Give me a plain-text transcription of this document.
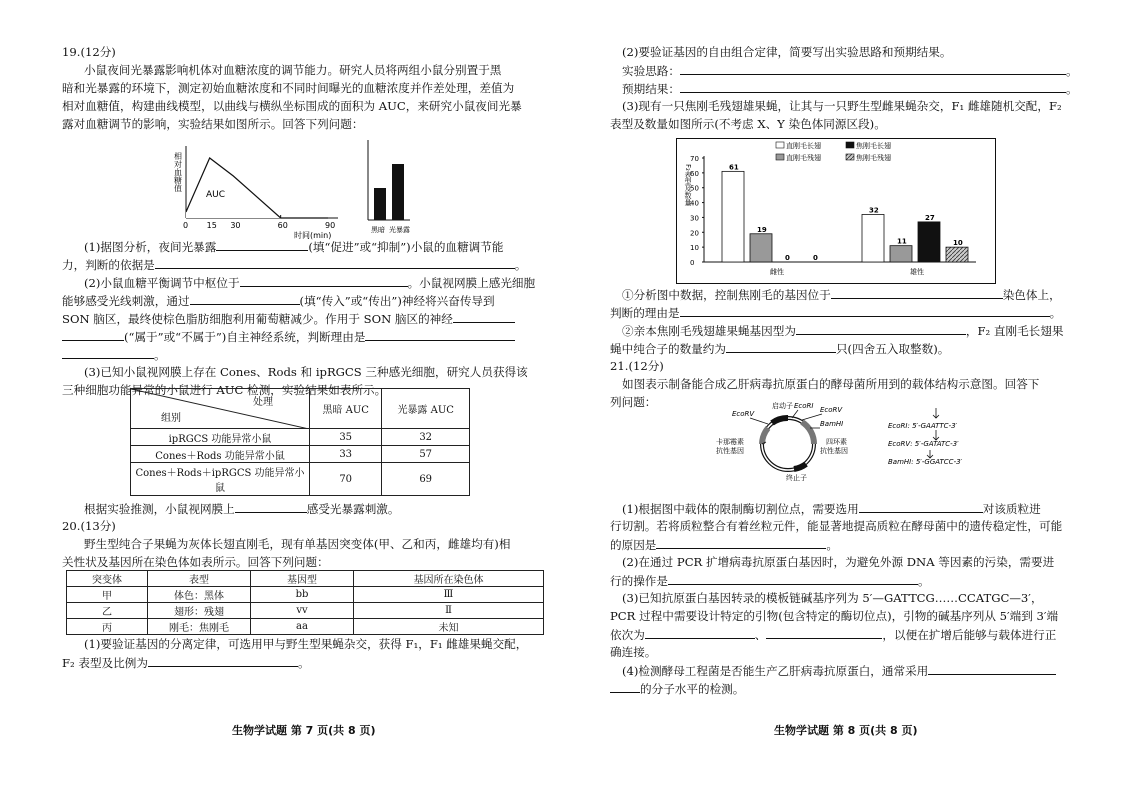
19.(12分)
小鼠夜间光暴露影响机体对血糖浓度的调节能力。研究人员将两组小鼠分别置于黑
暗和光暴露的环境下，测定初始血糖浓度和不同时间曝光的血糖浓度并作差处理，差值为
相对血糖值，构建曲线模型，以曲线与横纵坐标围成的面积为 AUC，来研究小鼠夜间光暴
露对血糖调节的影响，实验结果如图所示。回答下列问题：
AUC
相对血糖值
0 15 30	60	90
时间(min)
黑暗 光暴露
(1)据图分析，夜间光暴露	(填“促进”或“抑制”)小鼠的血糖调节能
力，判断的依据是	。
(2)小鼠血糖平衡调节中枢位于	。小鼠视网膜上感光细胞
能够感受光线刺激，通过	(填“传入”或“传出”)神经将兴奋传导到
SON 脑区，最终使棕色脂肪细胞利用葡萄糖减少。作用于 SON 脑区的神经
(“属于”或“不属于”)自主神经系统，判断理由是
。
(3)已知小鼠视网膜上存在 Cones、Rods 和 ipRGCS 三种感光细胞，研究人员获得该
三种细胞功能异常的小鼠进行 AUC 检测，实验结果如表所示。
处理
组别	黑暗 AUC	光暴露 AUC
ipRGCS 功能异常小鼠	35	32
Cones＋Rods 功能异常小鼠	33	57
Cones＋Rods＋ipRGCS 功能异常小鼠	70	69
根据实验推测，小鼠视网膜上	感受光暴露刺激。
20.(13分)
野生型纯合子果蝇为灰体长翅直刚毛，现有单基因突变体(甲、乙和丙，雌雄均有)相
关性状及基因所在染色体如表所示。回答下列问题：
突变体	表型	基因型	基因所在染色体
甲	体色：黑体	bb	Ⅲ
乙	翅形：残翅	vv	Ⅱ
丙	刚毛：焦刚毛	aa	未知
(1)要验证基因的分离定律，可选用甲与野生型果蝇杂交，获得 F₁，F₁ 雌雄果蝇交配，
F₂ 表型及比例为	。
生物学试题 第 7 页(共 8 页)
(2)要验证基因的自由组合定律，简要写出实验思路和预期结果。
实验思路：	。
预期结果：	。
(3)现有一只焦刚毛残翅雄果蝇，让其与一只野生型雌果蝇杂交，F₁ 雌雄随机交配，F₂
表型及数量如图所示(不考虑 X、Y 染色体同源区段)。
F₂表型及数量
0
10
20
30
40
50
60
70
61
19
0	0
32
11
27
10
雌性	雄性
直刚毛长翅
直刚毛残翅
焦刚毛长翅
焦刚毛残翅
①分析图中数据，控制焦刚毛的基因位于	染色体上，
判断的理由是	。
②亲本焦刚毛残翅雄果蝇基因型为	，F₂ 直刚毛长翅果
蝇中纯合子的数量约为	只(四舍五入取整数)。
21.(12分)
如图表示制备能合成乙肝病毒抗原蛋白的酵母菌所用到的载体结构示意图。回答下
列问题：	启动子 EcoRⅠ EcoRⅤ
EcoRⅤ
BamHⅠ
卡那霉素
抗性基因
四环素
抗性基因
终止子
EcoRⅠ: 5′-GAATTC-3′
EcoRⅤ: 5′-GATATC-3′
BamHⅠ: 5′-GGATCC-3′
(1)根据图中载体的限制酶切割位点，需要选用	对该质粒进
行切割。若将质粒整合有着丝粒元件，能显著地提高质粒在酵母菌中的遗传稳定性，可能
的原因是	。
(2)在通过 PCR 扩增病毒抗原蛋白基因时，为避免外源 DNA 等因素的污染，需要进
行的操作是	。
(3)已知抗原蛋白基因转录的模板链碱基序列为 5′—GATTCG……CCATGC—3′，
PCR 过程中需要设计特定的引物(包含特定的酶切位点)，引物的碱基序列从 5′端到 3′端
依次为	、	，以便在扩增后能够与载体进行正
确连接。
(4)检测酵母工程菌是否能生产乙肝病毒抗原蛋白，通常采用
的分子水平的检测。
生物学试题 第 8 页(共 8 页)
